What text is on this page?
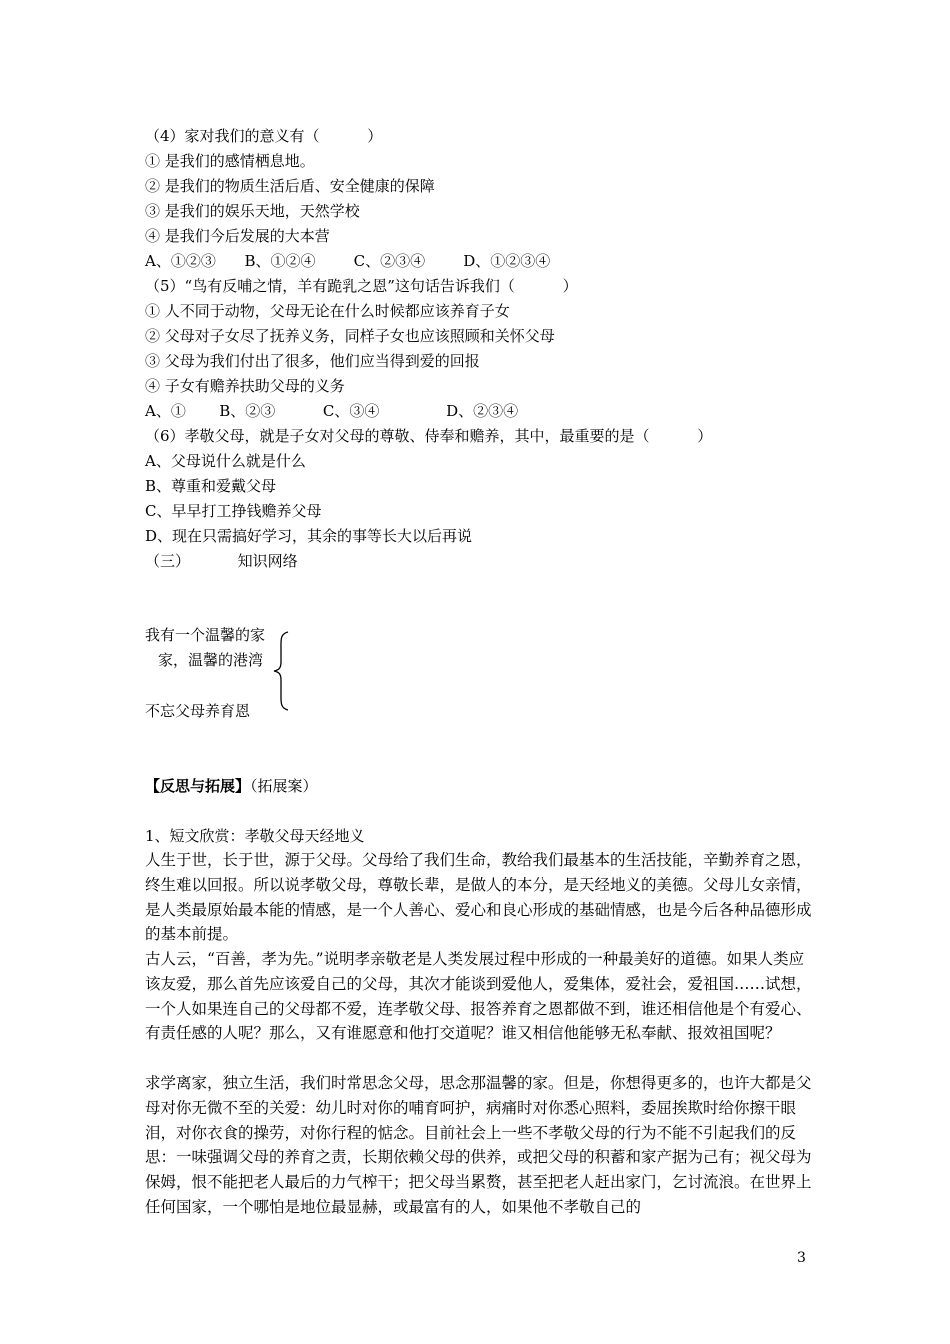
（4）家对我们的意义有（          ）
① 是我们的感情栖息地。
② 是我们的物质生活后盾、安全健康的保障
③ 是我们的娱乐天地，天然学校
④ 是我们今后发展的大本营
A、①②③      B、①②④        C、②③④        D、①②③④
（5）“鸟有反哺之情，羊有跪乳之恩”这句话告诉我们（          ）
① 人不同于动物，父母无论在什么时候都应该养育子女
② 父母对子女尽了抚养义务，同样子女也应该照顾和关怀父母
③ 父母为我们付出了很多，他们应当得到爱的回报
④ 子女有赡养扶助父母的义务
A、①       B、②③          C、③④              D、②③④
（6）孝敬父母，就是子女对父母的尊敬、侍奉和赡养，其中，最重要的是（          ）
A、父母说什么就是什么
B、尊重和爱戴父母
C、早早打工挣钱赡养父母
D、现在只需搞好学习，其余的事等长大以后再说
（三）          知识网络
我有一个温馨的家
家，温馨的港湾
不忘父母养育恩
【反思与拓展】（拓展案）
1、短文欣赏：孝敬父母天经地义
人生于世，长于世，源于父母。父母给了我们生命，教给我们最基本的生活技能，辛勤养育之恩，终生难以回报。所以说孝敬父母，尊敬长辈，是做人的本分，是天经地义的美德。父母儿女亲情，是人类最原始最本能的情感，是一个人善心、爱心和良心形成的基础情感，也是今后各种品德形成的基本前提。
古人云，“百善，孝为先。”说明孝亲敬老是人类发展过程中形成的一种最美好的道德。如果人类应该友爱，那么首先应该爱自己的父母，其次才能谈到爱他人，爱集体，爱社会，爱祖国……试想，一个人如果连自己的父母都不爱，连孝敬父母、报答养育之恩都做不到，谁还相信他是个有爱心、有责任感的人呢？那么，又有谁愿意和他打交道呢？谁又相信他能够无私奉献、报效祖国呢？
求学离家，独立生活，我们时常思念父母，思念那温馨的家。但是，你想得更多的，也许大都是父母对你无微不至的关爱：幼儿时对你的哺育呵护，病痛时对你悉心照料，委屈挨欺时给你擦干眼泪，对你衣食的操劳，对你行程的惦念。目前社会上一些不孝敬父母的行为不能不引起我们的反思：一味强调父母的养育之责，长期依赖父母的供养，或把父母的积蓄和家产据为己有；视父母为保姆，恨不能把老人最后的力气榨干；把父母当累赘，甚至把老人赶出家门，乞讨流浪。在世界上任何国家，一个哪怕是地位最显赫，或最富有的人，如果他不孝敬自己的
3
